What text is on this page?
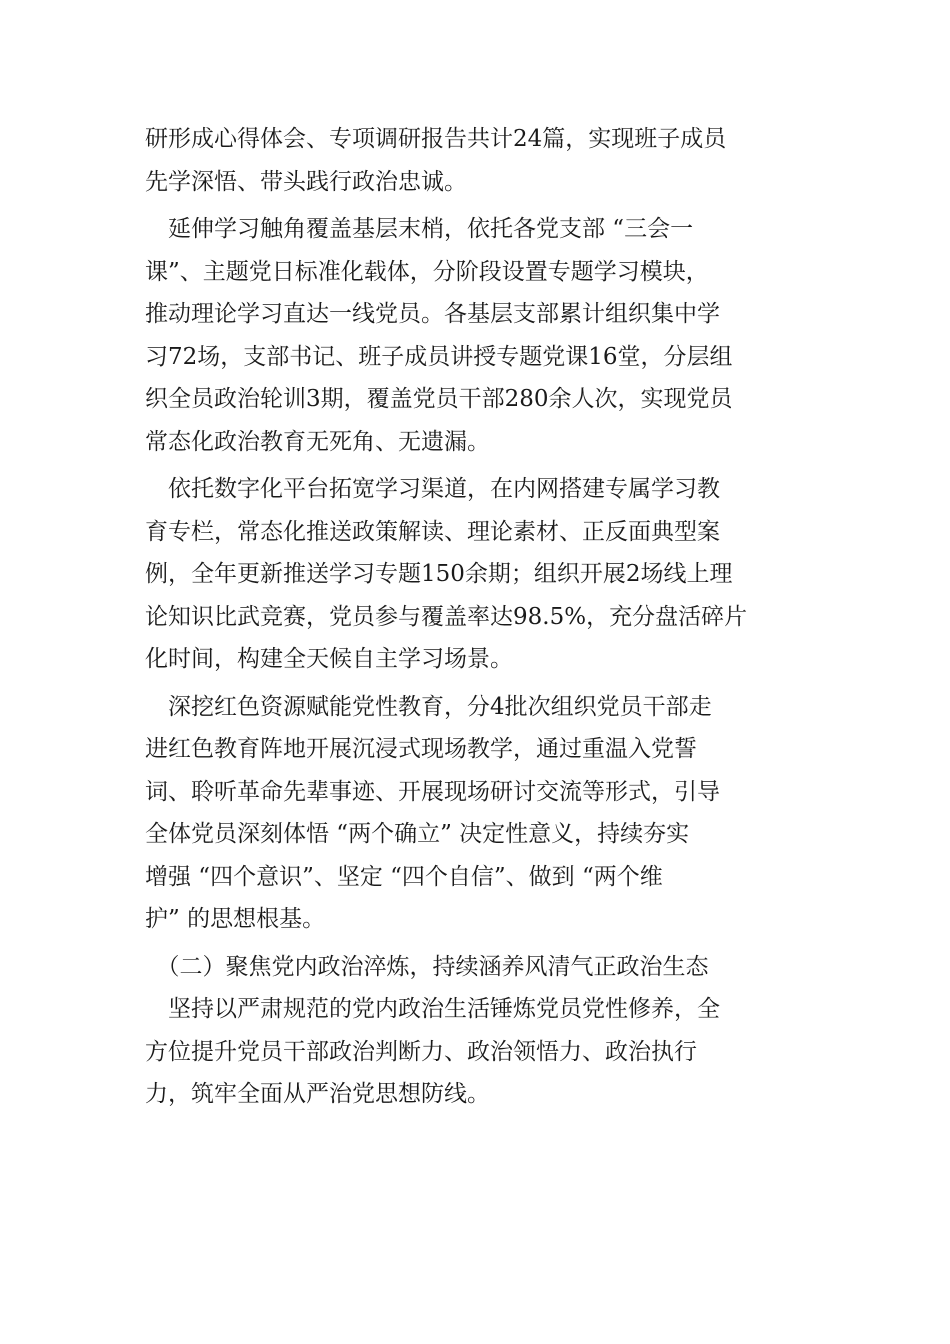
研形成心得体会、专项调研报告共计24篇，实现班子成员
先学深悟、带头践行政治忠诚。
　延伸学习触角覆盖基层末梢，依托各党支部 “三会一
课”、主题党日标准化载体，分阶段设置专题学习模块，
推动理论学习直达一线党员。各基层支部累计组织集中学
习72场，支部书记、班子成员讲授专题党课16堂，分层组
织全员政治轮训3期，覆盖党员干部280余人次，实现党员
常态化政治教育无死角、无遗漏。
　依托数字化平台拓宽学习渠道，在内网搭建专属学习教
育专栏，常态化推送政策解读、理论素材、正反面典型案
例，全年更新推送学习专题150余期；组织开展2场线上理
论知识比武竞赛，党员参与覆盖率达98.5%，充分盘活碎片
化时间，构建全天候自主学习场景。
　深挖红色资源赋能党性教育，分4批次组织党员干部走
进红色教育阵地开展沉浸式现场教学，通过重温入党誓
词、聆听革命先辈事迹、开展现场研讨交流等形式，引导
全体党员深刻体悟 “两个确立” 决定性意义，持续夯实
增强 “四个意识”、坚定 “四个自信”、做到 “两个维
护” 的思想根基。
　（二）聚焦党内政治淬炼，持续涵养风清气正政治生态
　坚持以严肃规范的党内政治生活锤炼党员党性修养，全
方位提升党员干部政治判断力、政治领悟力、政治执行
力，筑牢全面从严治党思想防线。
